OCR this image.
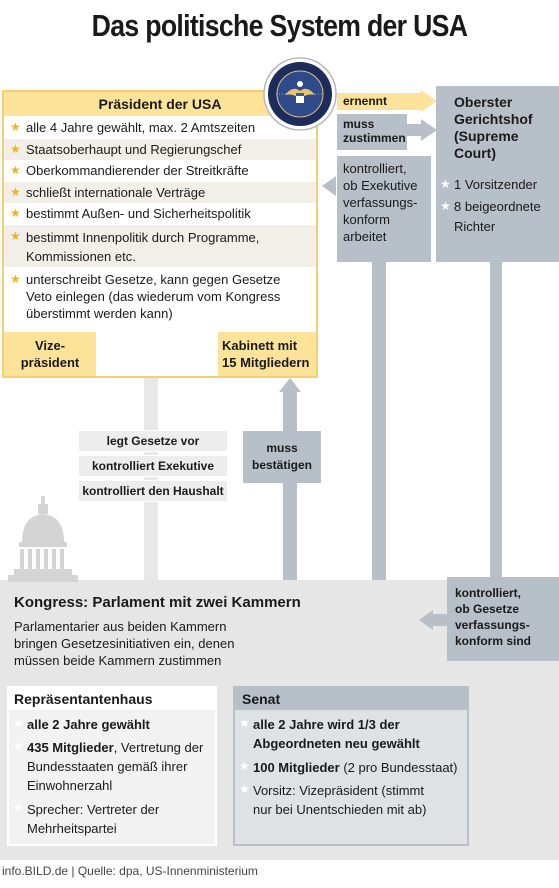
Das politische System der USA
Präsident der USA
★ alle 4 Jahre gewählt, max. 2 Amtszeiten
★ Staatsoberhaupt und Regierungschef
★ Oberkommandierender der Streitkräfte
★ schließt internationale Verträge
★ bestimmt Außen- und Sicherheitspolitik
★ bestimmt Innenpolitik durch Programme,
Kommissionen etc.
★ unterschreibt Gesetze, kann gegen Gesetze
Veto einlegen (das wiederum vom Kongress
überstimmt werden kann)
Vize-
präsident
Kabinett mit
15 Mitgliedern
ernennt
muss
zustimmen
kontrolliert,
ob Exekutive
verfassungs-
konform
arbeitet
Oberster
Gerichtshof
(Supreme
Court)
★ 1 Vorsitzender
★ 8 beigeordnete
Richter
legt Gesetze vor
kontrolliert Exekutive
kontrolliert den Haushalt
muss
bestätigen
kontrolliert,
ob Gesetze
verfassungs-
konform sind
Kongress: Parlament mit zwei Kammern
Parlamentarier aus beiden Kammern
bringen Gesetzesinitiativen ein, denen
müssen beide Kammern zustimmen
Repräsentantenhaus
★ alle 2 Jahre gewählt
★ 435 Mitglieder, Vertretung der
Bundesstaaten gemäß ihrer
Einwohnerzahl
★ Sprecher: Vertreter der
Mehrheitspartei
Senat
★ alle 2 Jahre wird 1/3 der
Abgeordneten neu gewählt
★ 100 Mitglieder (2 pro Bundesstaat)
★ Vorsitz: Vizepräsident (stimmt
nur bei Unentschieden mit ab)
info.BILD.de | Quelle: dpa, US-Innenministerium
